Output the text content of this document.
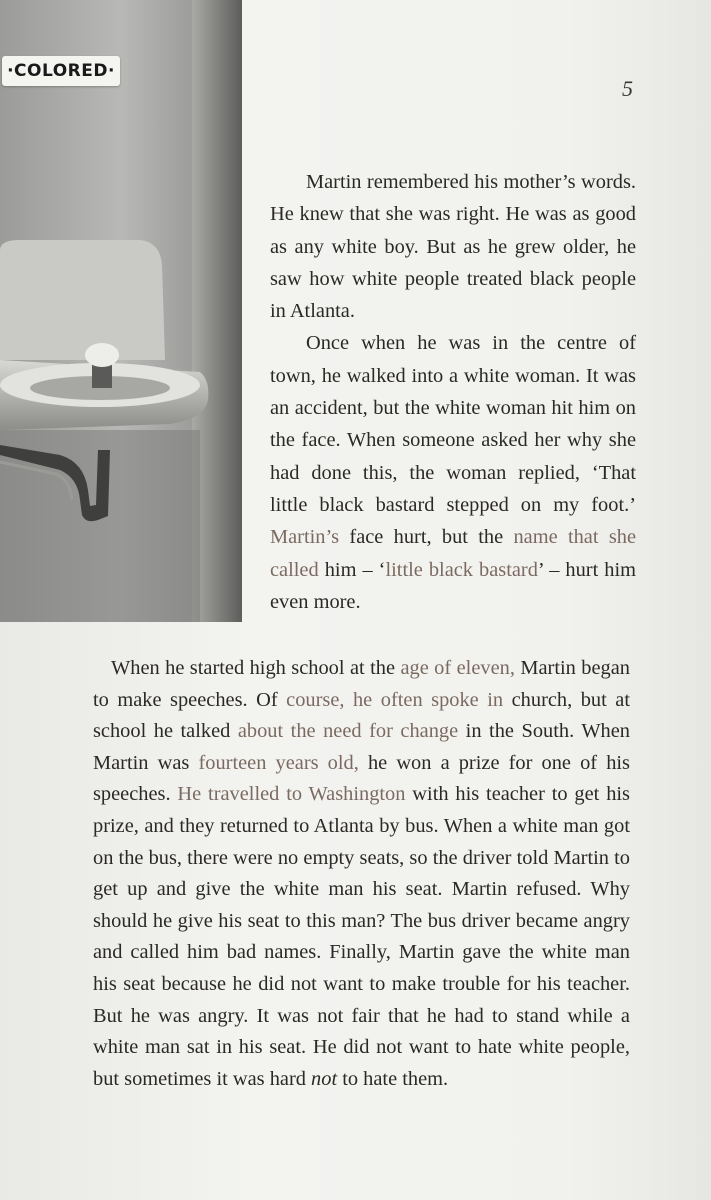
·COLORED·
5

Martin remembered his mother’s words. He knew that she was right. He was as good as any white boy. But as he grew older, he saw how white people treated black people in Atlanta.

Once when he was in the centre of town, he walked into a white woman. It was an accident, but the white woman hit him on the face. When someone asked her why she had done this, the woman replied, ‘That little black bastard stepped on my foot.’ Martin’s face hurt, but the name that she called him – ‘little black bastard’ – hurt him even more.

When he started high school at the age of eleven, Martin began to make speeches. Of course, he often spoke in church, but at school he talked about the need for change in the South. When Martin was fourteen years old, he won a prize for one of his speeches. He travelled to Washington with his teacher to get his prize, and they returned to Atlanta by bus. When a white man got on the bus, there were no empty seats, so the driver told Martin to get up and give the white man his seat. Martin refused. Why should he give his seat to this man? The bus driver became angry and called him bad names. Finally, Martin gave the white man his seat because he did not want to make trouble for his teacher. But he was angry. It was not fair that he had to stand while a white man sat in his seat. He did not want to hate white people, but sometimes it was hard not to hate them.
